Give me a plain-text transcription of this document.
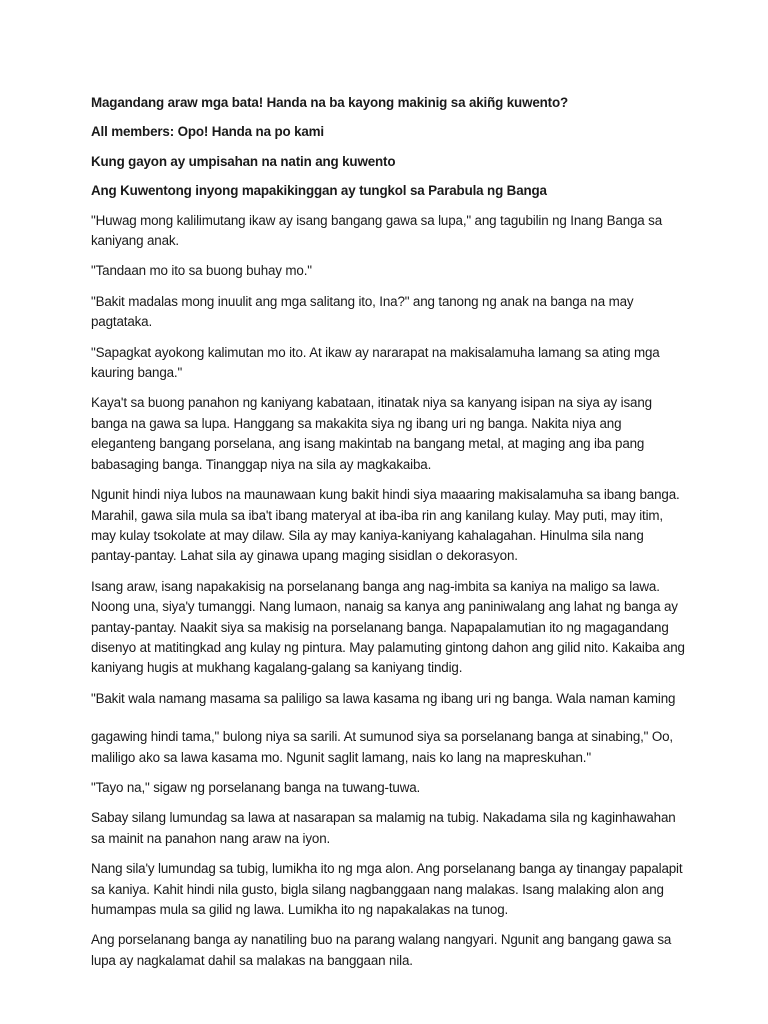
Magandang araw mga bata! Handa na ba kayong makinig sa akiñg kuwento?

All members: Opo! Handa na po kami

Kung gayon ay umpisahan na natin ang kuwento

Ang Kuwentong inyong mapakikinggan ay tungkol sa Parabula ng Banga

"Huwag mong kalilimutang ikaw ay isang bangang gawa sa lupa," ang tagubilin ng Inang Banga sa kaniyang anak.

"Tandaan mo ito sa buong buhay mo."

"Bakit madalas mong inuulit ang mga salitang ito, Ina?" ang tanong ng anak na banga na may pagtataka.

"Sapagkat ayokong kalimutan mo ito. At ikaw ay nararapat na makisalamuha lamang sa ating mga kauring banga."

Kaya't sa buong panahon ng kaniyang kabataan, itinatak niya sa kanyang isipan na siya ay isang banga na gawa sa lupa. Hanggang sa makakita siya ng ibang uri ng banga. Nakita niya ang eleganteng bangang porselana, ang isang makintab na bangang metal, at maging ang iba pang babasaging banga. Tinanggap niya na sila ay magkakaiba.

Ngunit hindi niya lubos na maunawaan kung bakit hindi siya maaaring makisalamuha sa ibang banga. Marahil, gawa sila mula sa iba't ibang materyal at iba-iba rin ang kanilang kulay. May puti, may itim, may kulay tsokolate at may dilaw. Sila ay may kaniya-kaniyang kahalagahan. Hinulma sila nang pantay-pantay. Lahat sila ay ginawa upang maging sisidlan o dekorasyon.

Isang araw, isang napakakisig na porselanang banga ang nag-imbita sa kaniya na maligo sa lawa. Noong una, siya'y tumanggi. Nang lumaon, nanaig sa kanya ang paniniwalang ang lahat ng banga ay pantay-pantay. Naakit siya sa makisig na porselanang banga. Napapalamutian ito ng magagandang disenyo at matitingkad ang kulay ng pintura. May palamuting gintong dahon ang gilid nito. Kakaiba ang kaniyang hugis at mukhang kagalang-galang sa kaniyang tindig.

"Bakit wala namang masama sa paliligo sa lawa kasama ng ibang uri ng banga. Wala naman kaming

gagawing hindi tama," bulong niya sa sarili. At sumunod siya sa porselanang banga at sinabing," Oo, maliligo ako sa lawa kasama mo. Ngunit saglit lamang, nais ko lang na mapreskuhan."

"Tayo na," sigaw ng porselanang banga na tuwang-tuwa.

Sabay silang lumundag sa lawa at nasarapan sa malamig na tubig. Nakadama sila ng kaginhawahan sa mainit na panahon nang araw na iyon.

Nang sila'y lumundag sa tubig, lumikha ito ng mga alon. Ang porselanang banga ay tinangay papalapit sa kaniya. Kahit hindi nila gusto, bigla silang nagbanggaan nang malakas. Isang malaking alon ang humampas mula sa gilid ng lawa. Lumikha ito ng napakalakas na tunog.

Ang porselanang banga ay nanatiling buo na parang walang nangyari. Ngunit ang bangang gawa sa lupa ay nagkalamat dahil sa malakas na banggaan nila.
